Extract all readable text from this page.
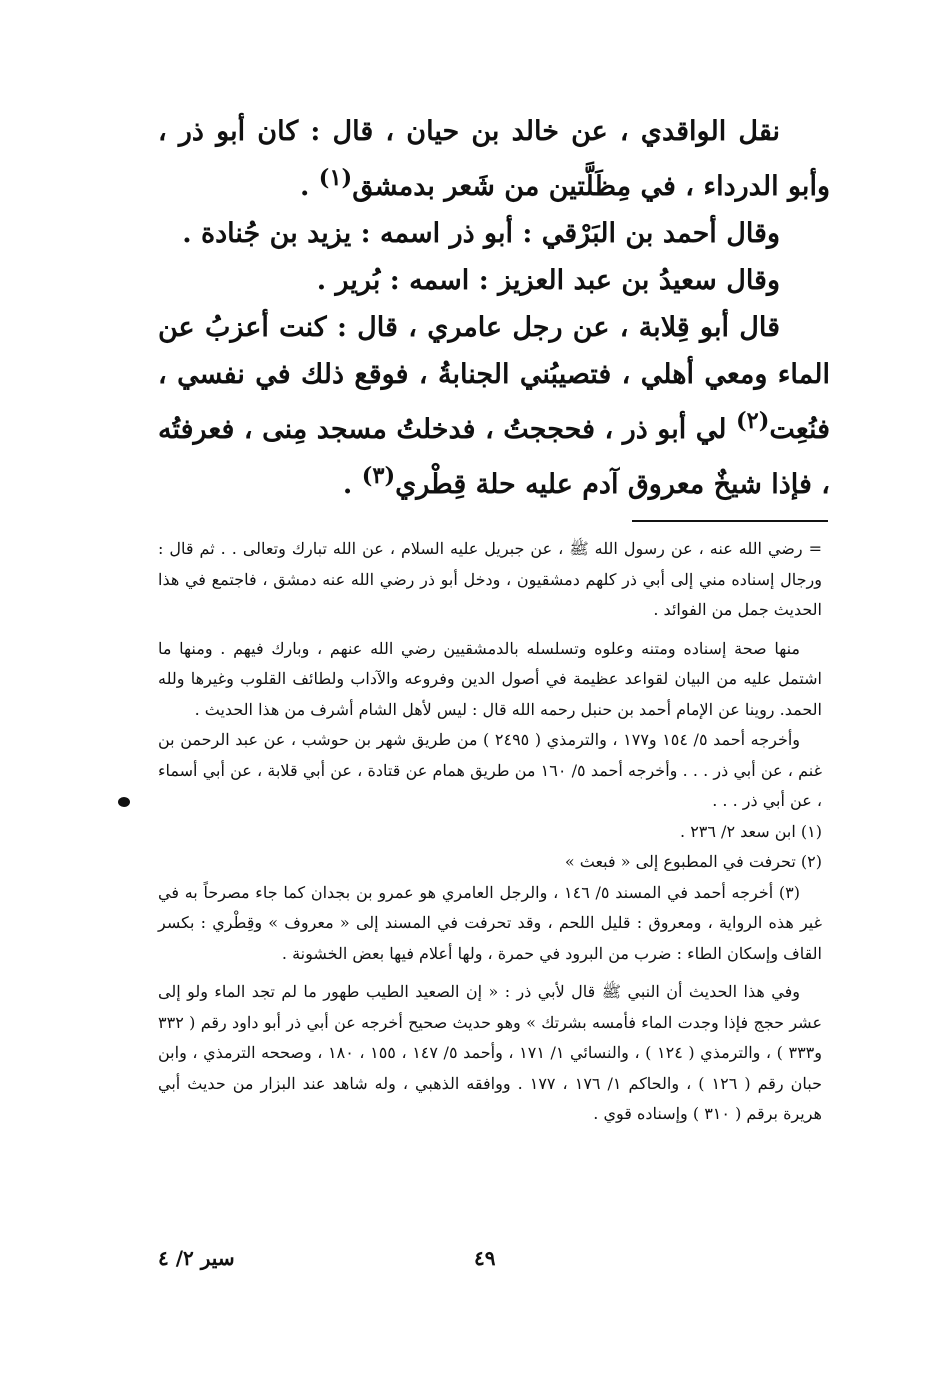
نقل الواقدي ، عن خالد بن حيان ، قال : كان أبو ذر ، وأبو الدرداء ، في مِظَلَّتين من شَعر بدمشق$^{(١)}$ .

وقال أحمد بن البَرْقي : أبو ذر اسمه : يزيد بن جُنادة .

وقال سعيدُ بن عبد العزيز : اسمه : بُرير .

قال أبو قِلابة ، عن رجل عامري ، قال : كنت أعزبُ عن الماء ومعي أهلي ، فتصيبُني الجنابةُ ، فوقع ذلك في نفسي ، فنُعِت$^{(٢)}$ لي أبو ذر ، فحججتُ ، فدخلتُ مسجد مِنى ، فعرفتُه ، فإذا شيخٌ معروق آدم عليه حلة قِطْري$^{(٣)}$ .

= رضي الله عنه ، عن رسول الله ﷺ ، عن جبريل عليه السلام ، عن الله تبارك وتعالى . . ثم قال : ورجال إسناده مني إلى أبي ذر كلهم دمشقيون ، ودخل أبو ذر رضي الله عنه دمشق ، فاجتمع في هذا الحديث جمل من الفوائد .

منها صحة إسناده ومتنه وعلوه وتسلسله بالدمشقيين رضي الله عنهم ، وبارك فيهم . ومنها ما اشتمل عليه من البيان لقواعد عظيمة في أصول الدين وفروعه والآداب ولطائف القلوب وغيرها ولله الحمد. روينا عن الإمام أحمد بن حنبل رحمه الله قال : ليس لأهل الشام أشرف من هذا الحديث .

وأخرجه أحمد ٥/ ١٥٤ و١٧٧ ، والترمذي ( ٢٤٩٥ ) من طريق شهر بن حوشب ، عن عبد الرحمن بن غنم ، عن أبي ذر . . . وأخرجه أحمد ٥/ ١٦٠ من طريق همام عن قتادة ، عن أبي قلابة ، عن أبي أسماء ، عن أبي ذر . . .

(١) ابن سعد ٢/ ٢٣٦ .

(٢) تحرفت في المطبوع إلى « فبعث »

(٣) أخرجه أحمد في المسند ٥/ ١٤٦ ، والرجل العامري هو عمرو بن بجدان كما جاء مصرحاً به في غير هذه الرواية ، ومعروق : قليل اللحم ، وقد تحرفت في المسند إلى « معروف » وقِطْري : بكسر القاف وإسكان الطاء : ضرب من البرود في حمرة ، ولها أعلام فيها بعض الخشونة .

وفي هذا الحديث أن النبي ﷺ قال لأبي ذر : « إن الصعيد الطيب طهور ما لم تجد الماء ولو إلى عشر حجج فإذا وجدت الماء فأمسه بشرتك » وهو حديث صحيح أخرجه عن أبي ذر أبو داود رقم ( ٣٣٢ و٣٣٣ ) ، والترمذي ( ١٢٤ ) ، والنسائي ١/ ١٧١ ، وأحمد ٥/ ١٤٧ ، ١٥٥ ، ١٨٠ ، وصححه الترمذي ، وابن حبان رقم ( ١٢٦ ) ، والحاكم ١/ ١٧٦ ، ١٧٧ . ووافقه الذهبي ، وله شاهد عند البزار من حديث أبي هريرة برقم ( ٣١٠ ) وإسناده قوي .

٤٩
سير ٢/ ٤
